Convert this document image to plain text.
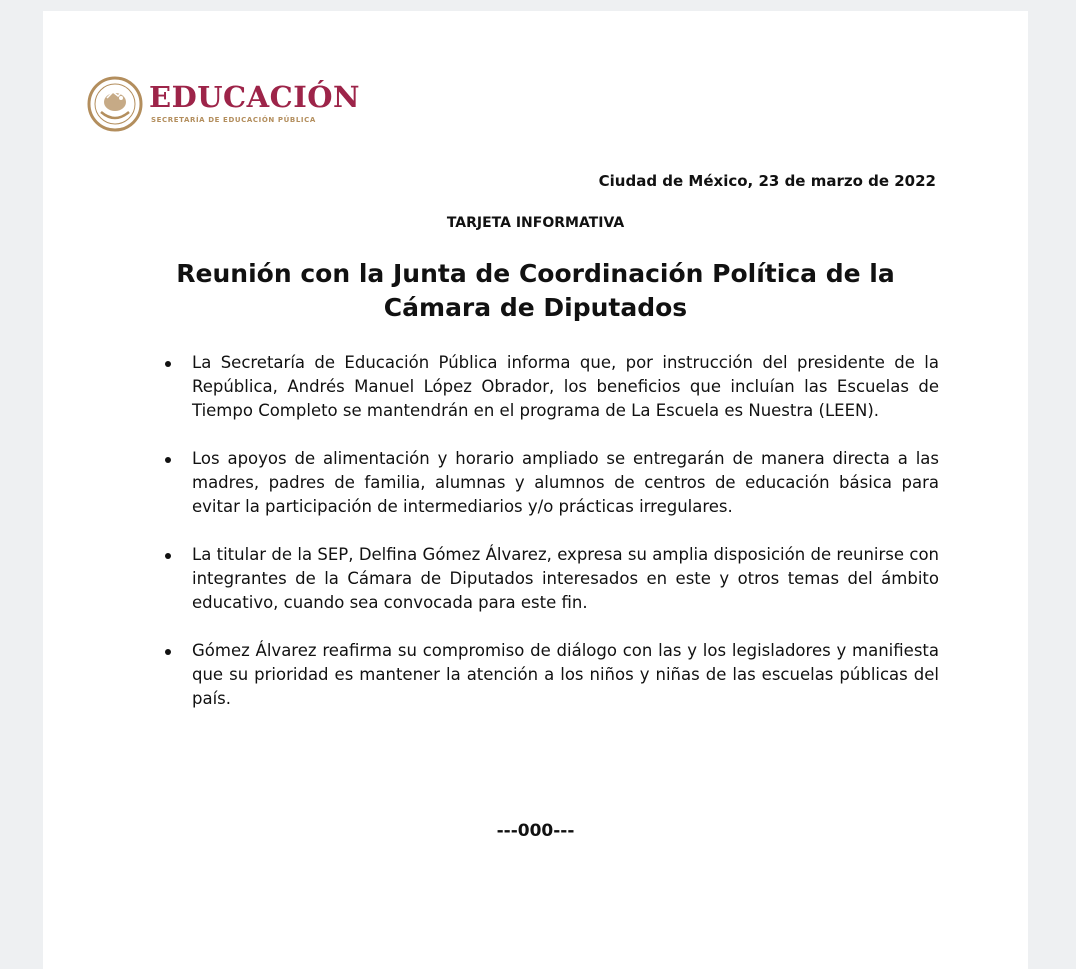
EDUCACIÓN
SECRETARÍA DE EDUCACIÓN PÚBLICA
Ciudad de México, 23 de marzo de 2022
TARJETA INFORMATIVA
Reunión con la Junta de Coordinación Política de la
Cámara de Diputados
La Secretaría de Educación Pública informa que, por instrucción del presidente de la República, Andrés Manuel López Obrador, los beneficios que incluían las Escuelas de Tiempo Completo se mantendrán en el programa de La Escuela es Nuestra (LEEN).
Los apoyos de alimentación y horario ampliado se entregarán de manera directa a las madres, padres de familia, alumnas y alumnos de centros de educación básica para evitar la participación de intermediarios y/o prácticas irregulares.
La titular de la SEP, Delfina Gómez Álvarez, expresa su amplia disposición de reunirse con integrantes de la Cámara de Diputados interesados en este y otros temas del ámbito educativo, cuando sea convocada para este fin.
Gómez Álvarez reafirma su compromiso de diálogo con las y los legisladores y manifiesta que su prioridad es mantener la atención a los niños y niñas de las escuelas públicas del país.
---000---
